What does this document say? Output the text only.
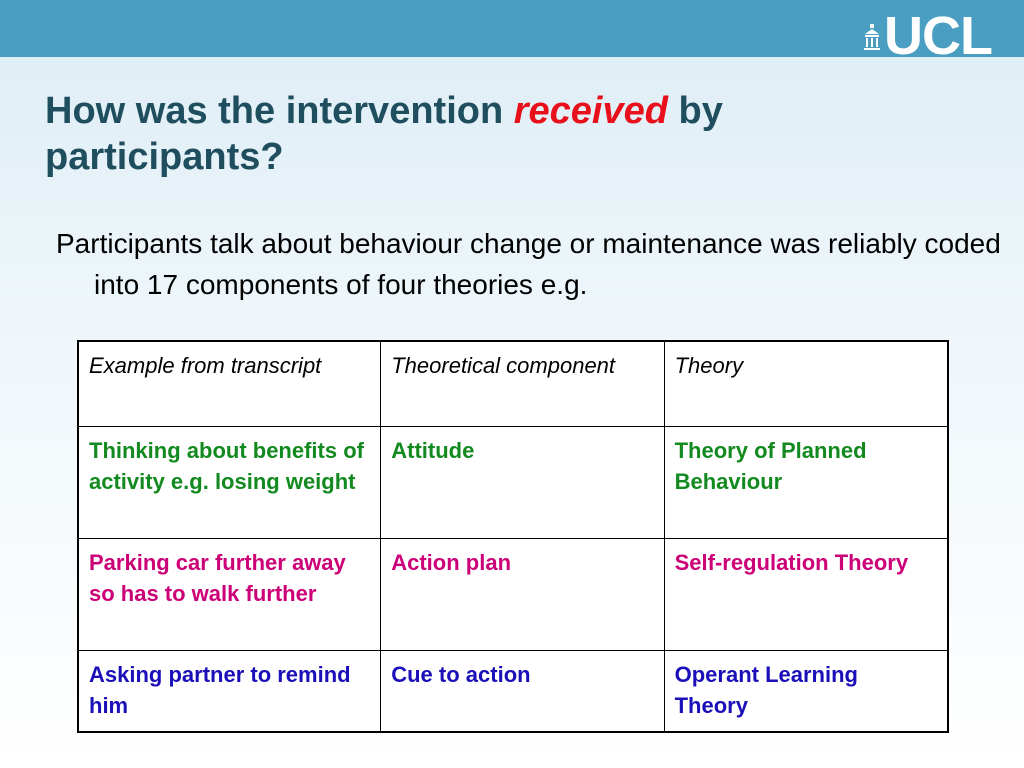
UCL
How was the intervention received by participants?

Participants talk about behaviour change or maintenance was reliably coded into 17 components of four theories e.g.

Example from transcript	Theoretical component	Theory
Thinking about benefits of activity e.g. losing weight	Attitude	Theory of Planned Behaviour
Parking car further away so has to walk further	Action plan	Self-regulation Theory
Asking partner to remind him	Cue to action	Operant Learning Theory
